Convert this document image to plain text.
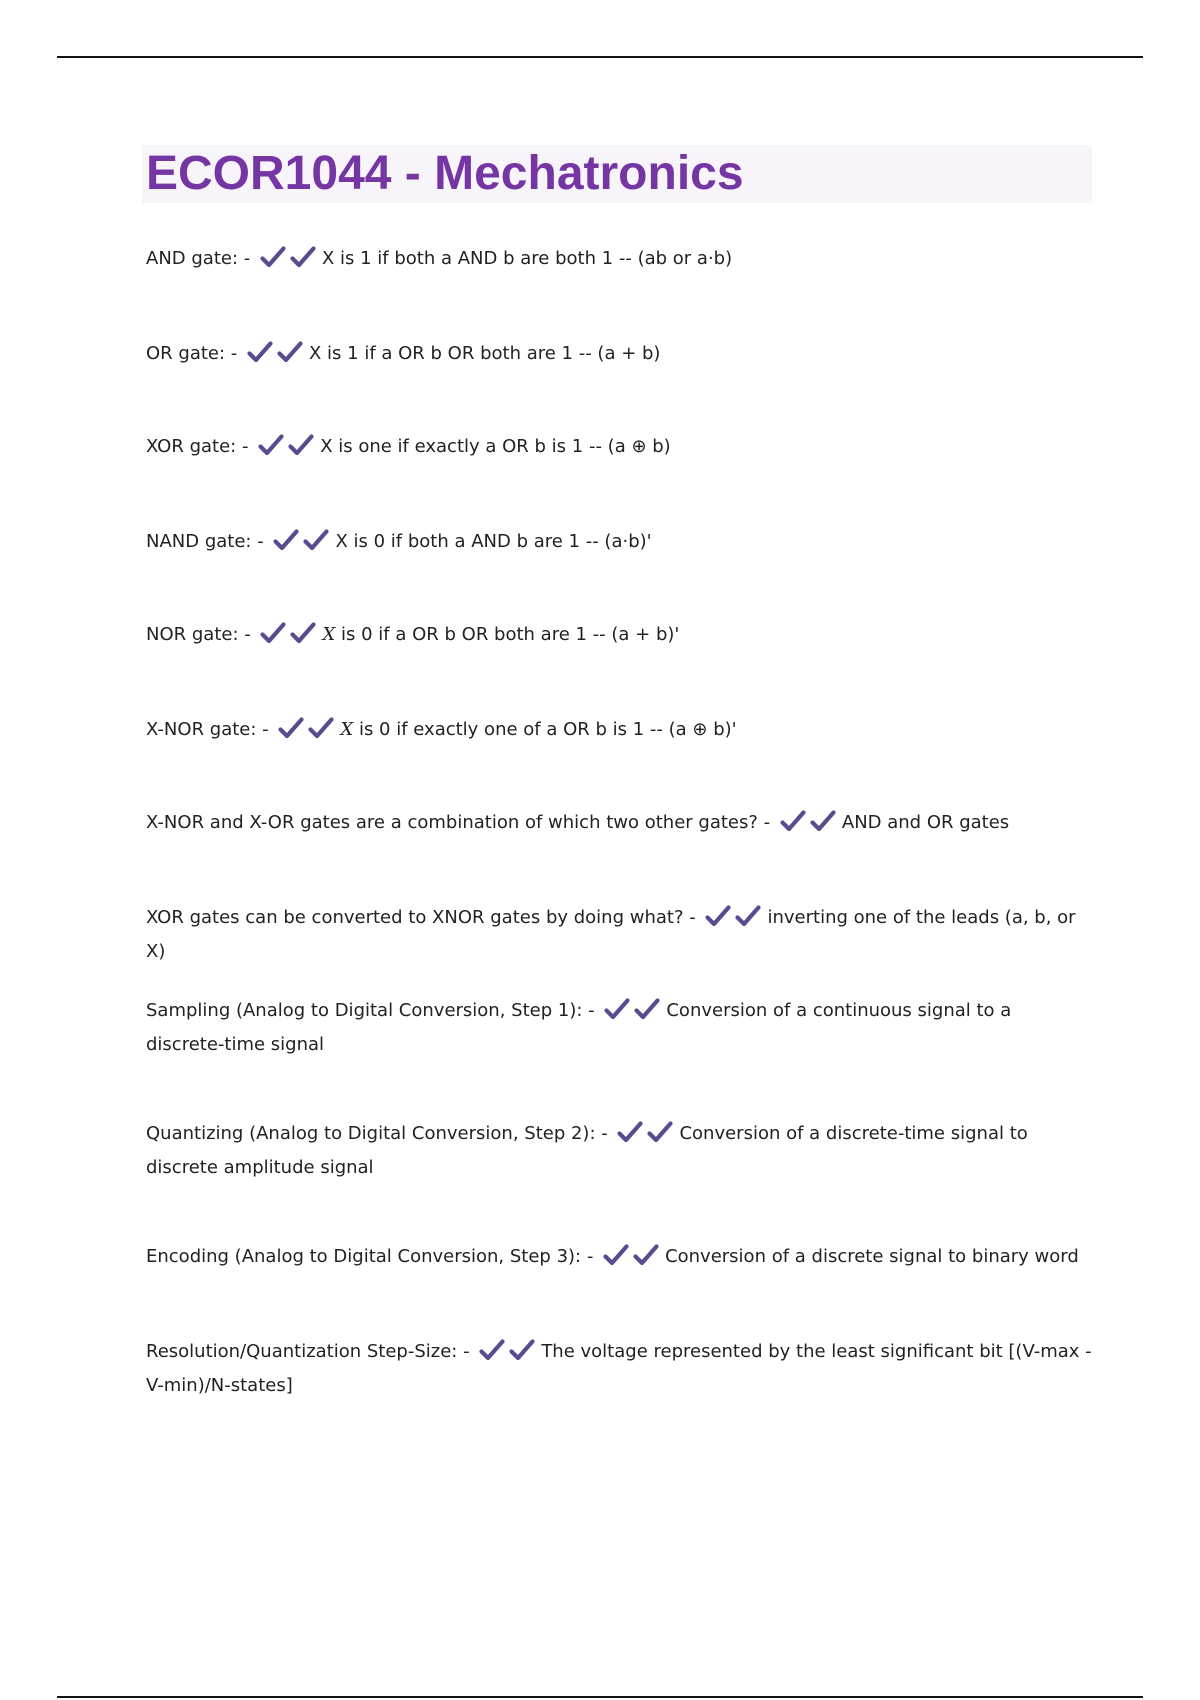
ECOR1044 - Mechatronics
AND gate: -	X is 1 if both a AND b are both 1 -- (ab or a·b)
OR gate: -	X is 1 if a OR b OR both are 1 -- (a + b)
XOR gate: -	X is one if exactly a OR b is 1 -- (a ⊕ b)
NAND gate: -	X is 0 if both a AND b are 1 -- (a·b)'
NOR gate: -	X is 0 if a OR b OR both are 1 -- (a + b)'
X-NOR gate: -	X is 0 if exactly one of a OR b is 1 -- (a ⊕ b)'
X-NOR and X-OR gates are a combination of which two other gates? -	AND and OR gates
XOR gates can be converted to XNOR gates by doing what? -	inverting one of the leads (a, b, or X)
Sampling (Analog to Digital Conversion, Step 1): -	Conversion of a continuous signal to a discrete-time signal
Quantizing (Analog to Digital Conversion, Step 2): -	Conversion of a discrete-time signal to discrete amplitude signal
Encoding (Analog to Digital Conversion, Step 3): -	Conversion of a discrete signal to binary word
Resolution/Quantization Step-Size: -	The voltage represented by the least significant bit [(V-max - V-min)/N-states]
